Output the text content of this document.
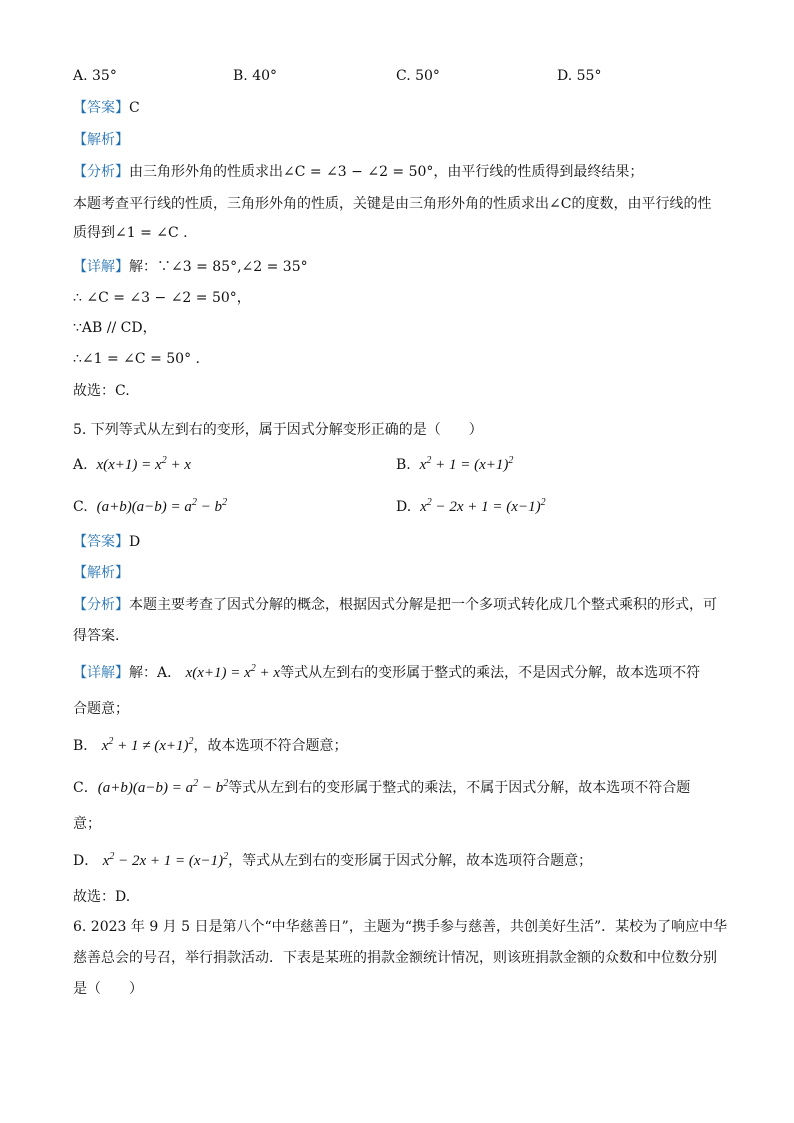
A. 35°	B. 40°	C. 50°	D. 55°
【答案】C
【解析】
【分析】由三角形外角的性质求出∠C = ∠3 − ∠2 = 50°，由平行线的性质得到最终结果；
本题考查平行线的性质，三角形外角的性质，关键是由三角形外角的性质求出∠C的度数，由平行线的性
质得到∠1 = ∠C .
【详解】解：∵∠3 = 85°,∠2 = 35°
∴ ∠C = ∠3 − ∠2 = 50°，
∵AB // CD，
∴∠1 = ∠C = 50° .
故选：C.
5. 下列等式从左到右的变形，属于因式分解变形正确的是（　　）
A. $x(x+1) = x^2 + x$	B. $x^2 + 1 = (x+1)^2$
C. $(a+b)(a-b) = a^2 - b^2$	D. $x^2 - 2x + 1 = (x-1)^2$
【答案】D
【解析】
【分析】本题主要考查了因式分解的概念，根据因式分解是把一个多项式转化成几个整式乘积的形式，可
得答案.
【详解】解：A． $x(x+1) = x^2 + x$等式从左到右的变形属于整式的乘法，不是因式分解，故本选项不符
合题意；
B． $x^2 + 1 \ne (x+1)^2$，故本选项不符合题意；
C．$(a+b)(a-b) = a^2 - b^2$等式从左到右的变形属于整式的乘法，不属于因式分解，故本选项不符合题
意；
D． $x^2 - 2x + 1 = (x-1)^2$，等式从左到右的变形属于因式分解，故本选项符合题意；
故选：D.
6. 2023 年 9 月 5 日是第八个“中华慈善日”，主题为“携手参与慈善，共创美好生活”．某校为了响应中华
慈善总会的号召，举行捐款活动．下表是某班的捐款金额统计情况，则该班捐款金额的众数和中位数分别
是（　　）
